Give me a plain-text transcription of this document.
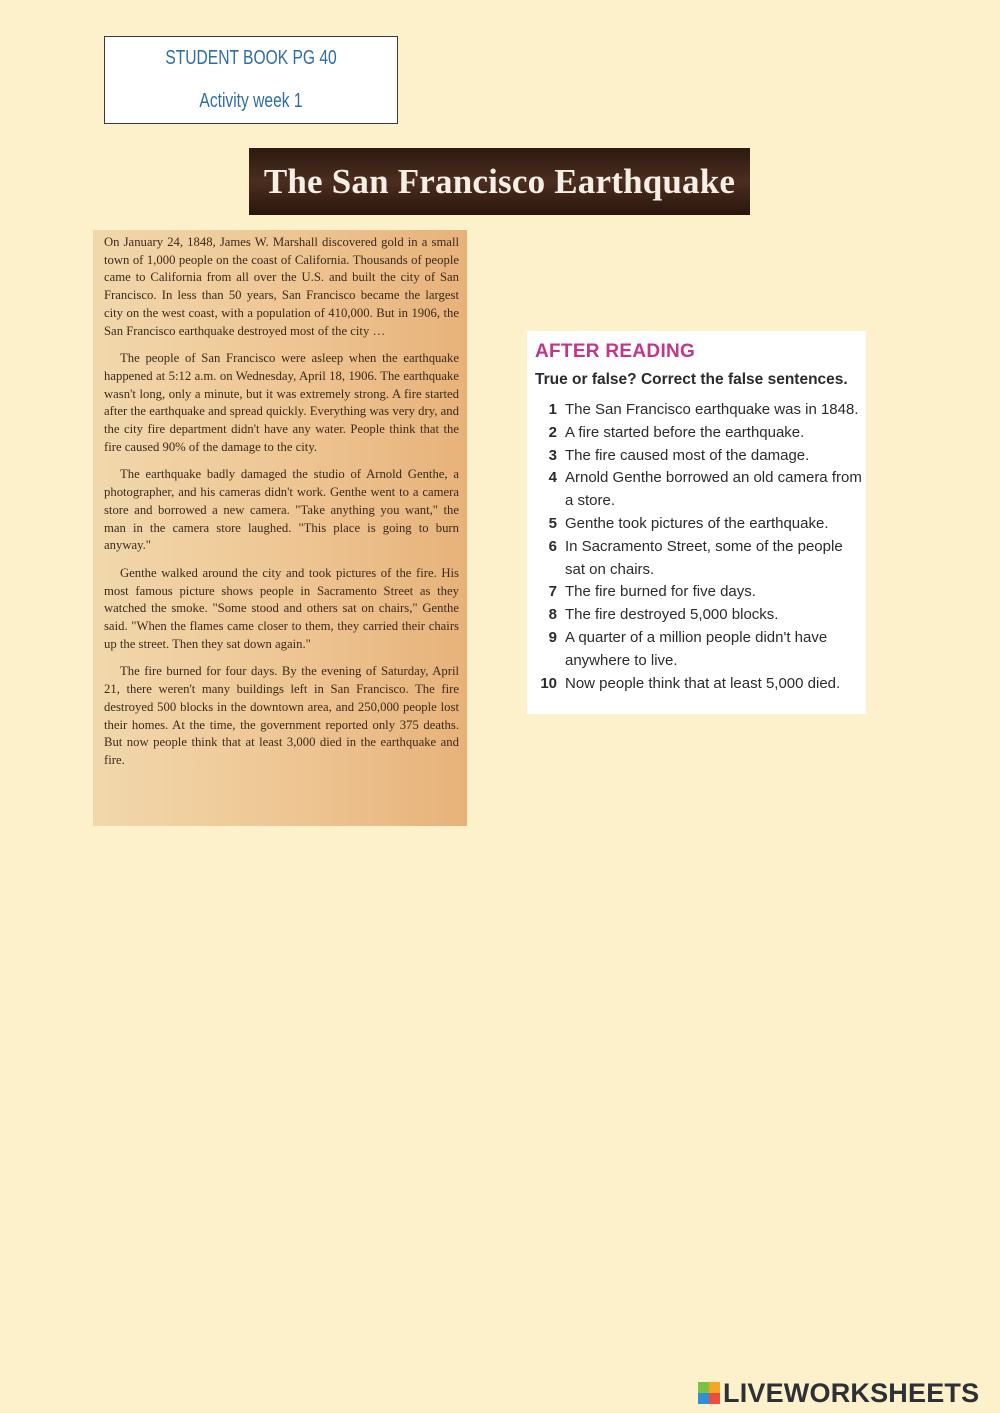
STUDENT BOOK PG 40
Activity week 1
The San Francisco Earthquake

On January 24, 1848, James W. Marshall discovered gold in a small town of 1,000 people on the coast of California. Thousands of people came to California from all over the U.S. and built the city of San Francisco. In less than 50 years, San Francisco became the largest city on the west coast, with a population of 410,000. But in 1906, the San Francisco earthquake destroyed most of the city …

The people of San Francisco were asleep when the earthquake happened at 5:12 a.m. on Wednesday, April 18, 1906. The earthquake wasn't long, only a minute, but it was extremely strong. A fire started after the earthquake and spread quickly. Everything was very dry, and the city fire department didn't have any water. People think that the fire caused 90% of the damage to the city.

The earthquake badly damaged the studio of Arnold Genthe, a photographer, and his cameras didn't work. Genthe went to a camera store and borrowed a new camera. "Take anything you want," the man in the camera store laughed. "This place is going to burn anyway."

Genthe walked around the city and took pictures of the fire. His most famous picture shows people in Sacramento Street as they watched the smoke. "Some stood and others sat on chairs," Genthe said. "When the flames came closer to them, they carried their chairs up the street. Then they sat down again."

The fire burned for four days. By the evening of Saturday, April 21, there weren't many buildings left in San Francisco. The fire destroyed 500 blocks in the downtown area, and 250,000 people lost their homes. At the time, the government reported only 375 deaths. But now people think that at least 3,000 died in the earthquake and fire.

AFTER READING
True or false? Correct the false sentences.
1 The San Francisco earthquake was in 1848.
2 A fire started before the earthquake.
3 The fire caused most of the damage.
4 Arnold Genthe borrowed an old camera from a store.
5 Genthe took pictures of the earthquake.
6 In Sacramento Street, some of the people sat on chairs.
7 The fire burned for five days.
8 The fire destroyed 5,000 blocks.
9 A quarter of a million people didn't have anywhere to live.
10 Now people think that at least 5,000 died.
LIVEWORKSHEETS
